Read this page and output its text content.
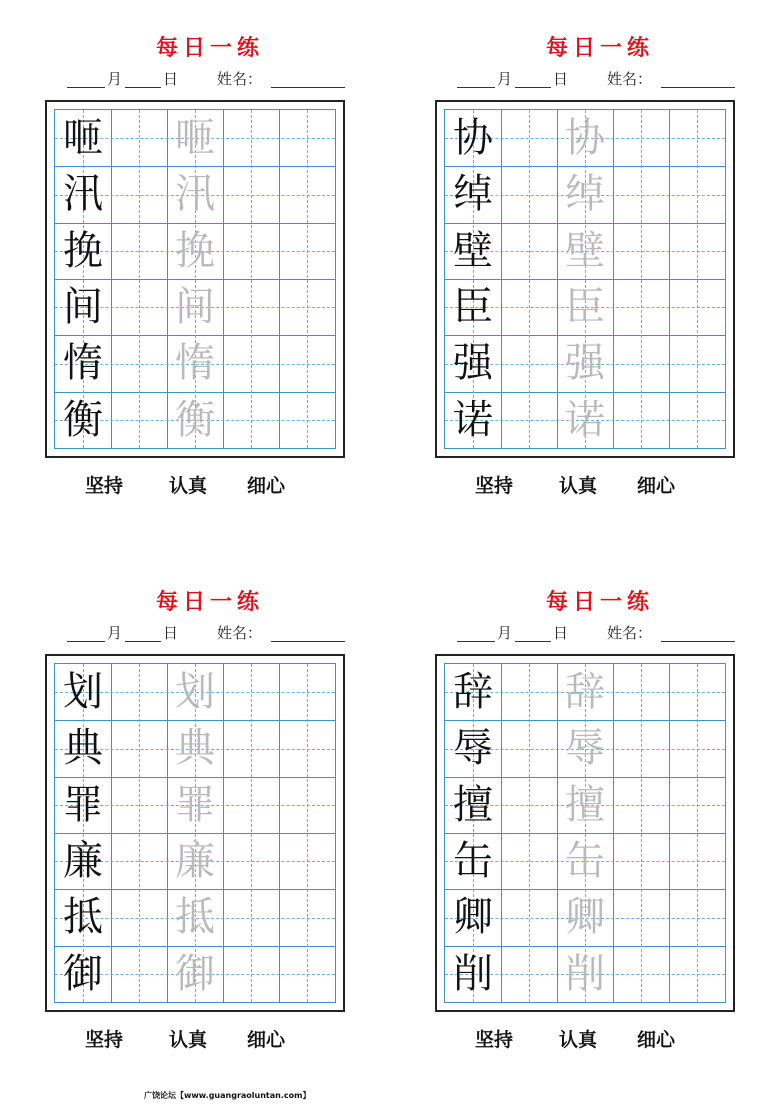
每日一练
月	日	姓名：
咂 咂
汛 汛
挽 挽
间 间
惰 惰
衡 衡
坚持 认真 细心
每日一练
月	日	姓名：
协 协
绰 绰
壁 壁
臣 臣
强 强
诺 诺
坚持 认真 细心
每日一练
月	日	姓名：
划 划
典 典
罪 罪
廉 廉
抵 抵
御 御
坚持 认真 细心
每日一练
月	日	姓名：
辞 辞
辱 辱
擅 擅
缶 缶
卿 卿
削 削
坚持 认真 细心
广饶论坛【www.guangraoluntan.com】
